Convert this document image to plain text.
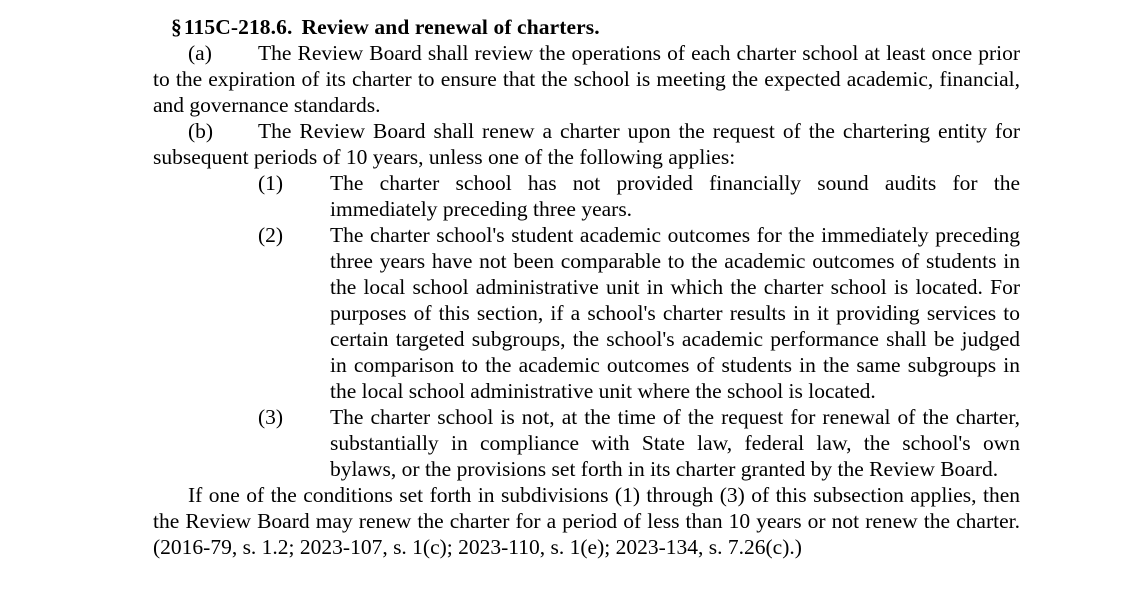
§115C-218.6. Review and renewal of charters.

(a) The Review Board shall review the operations of each charter school at least once prior to the expiration of its charter to ensure that the school is meeting the expected academic, financial, and governance standards.

(b) The Review Board shall renew a charter upon the request of the chartering entity for subsequent periods of 10 years, unless one of the following applies:

(1)	The charter school has not provided financially sound audits for the immediately preceding three years.
(2)	The charter school's student academic outcomes for the immediately preceding three years have not been comparable to the academic outcomes of students in the local school administrative unit in which the charter school is located. For purposes of this section, if a school's charter results in it providing services to certain targeted subgroups, the school's academic performance shall be judged in comparison to the academic outcomes of students in the same subgroups in the local school administrative unit where the school is located.
(3)	The charter school is not, at the time of the request for renewal of the charter, substantially in compliance with State law, federal law, the school's own bylaws, or the provisions set forth in its charter granted by the Review Board.

If one of the conditions set forth in subdivisions (1) through (3) of this subsection applies, then the Review Board may renew the charter for a period of less than 10 years or not renew the charter. (2016-79, s. 1.2; 2023-107, s. 1(c); 2023-110, s. 1(e); 2023-134, s. 7.26(c).)
